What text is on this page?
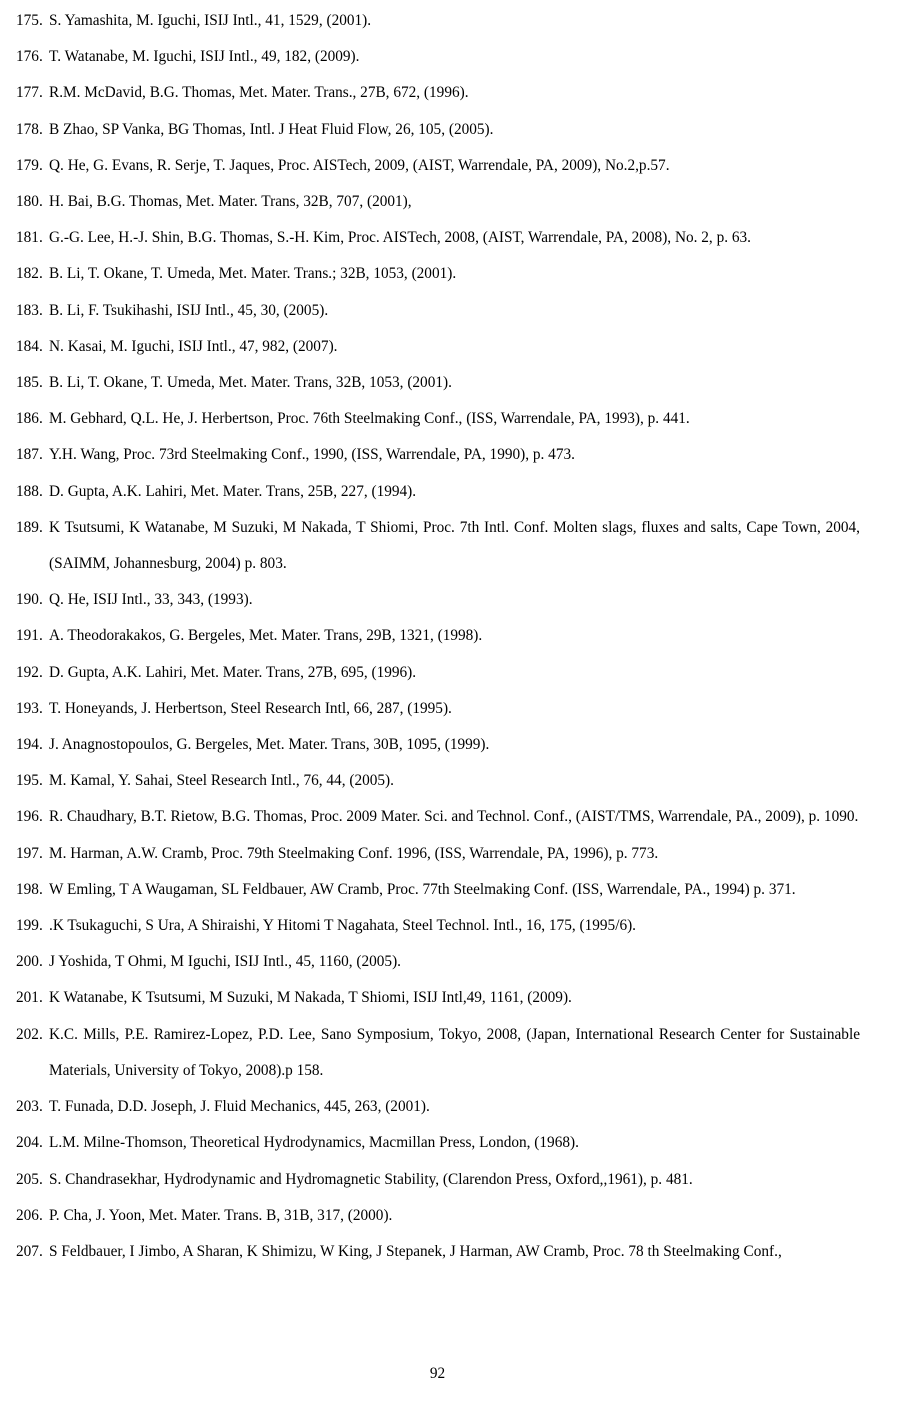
175. S. Yamashita, M. Iguchi, ISIJ Intl., 41, 1529, (2001).
176. T. Watanabe, M. Iguchi, ISIJ Intl., 49, 182, (2009).
177. R.M. McDavid, B.G. Thomas, Met. Mater. Trans., 27B, 672, (1996).
178. B Zhao, SP Vanka, BG Thomas, Intl. J Heat Fluid Flow, 26, 105, (2005).
179. Q. He, G. Evans, R. Serje, T. Jaques, Proc. AISTech, 2009, (AIST, Warrendale, PA, 2009), No.2,p.57.
180. H. Bai, B.G. Thomas, Met. Mater. Trans, 32B, 707, (2001),
181. G.-G. Lee, H.-J. Shin, B.G. Thomas, S.-H. Kim, Proc. AISTech, 2008, (AIST, Warrendale, PA, 2008), No. 2, p. 63.
182. B. Li, T. Okane, T. Umeda, Met. Mater. Trans.; 32B, 1053, (2001).
183. B. Li, F. Tsukihashi, ISIJ Intl., 45, 30, (2005).
184. N. Kasai, M. Iguchi, ISIJ Intl., 47, 982, (2007).
185. B. Li, T. Okane, T. Umeda, Met. Mater. Trans, 32B, 1053, (2001).
186. M. Gebhard, Q.L. He, J. Herbertson, Proc. 76th Steelmaking Conf., (ISS, Warrendale, PA, 1993), p. 441.
187. Y.H. Wang, Proc. 73rd Steelmaking Conf., 1990, (ISS, Warrendale, PA, 1990), p. 473.
188. D. Gupta, A.K. Lahiri, Met. Mater. Trans, 25B, 227, (1994).
189. K Tsutsumi, K Watanabe, M Suzuki, M Nakada, T Shiomi, Proc. 7th Intl. Conf. Molten slags, fluxes and salts, Cape Town, 2004, (SAIMM, Johannesburg, 2004) p. 803.
190. Q. He, ISIJ Intl., 33, 343, (1993).
191. A. Theodorakakos, G. Bergeles, Met. Mater. Trans, 29B, 1321, (1998).
192. D. Gupta, A.K. Lahiri, Met. Mater. Trans, 27B, 695, (1996).
193. T. Honeyands, J. Herbertson, Steel Research Intl, 66, 287, (1995).
194. J. Anagnostopoulos, G. Bergeles, Met. Mater. Trans, 30B, 1095, (1999).
195. M. Kamal, Y. Sahai, Steel Research Intl., 76, 44, (2005).
196. R. Chaudhary, B.T. Rietow, B.G. Thomas, Proc. 2009 Mater. Sci. and Technol. Conf., (AIST/TMS, Warrendale, PA., 2009), p. 1090.
197. M. Harman, A.W. Cramb, Proc. 79th Steelmaking Conf. 1996, (ISS, Warrendale, PA, 1996), p. 773.
198. W Emling, T A Waugaman, SL Feldbauer, AW Cramb, Proc. 77th Steelmaking Conf. (ISS, Warrendale, PA., 1994) p. 371.
199. .K Tsukaguchi, S Ura, A Shiraishi, Y Hitomi T Nagahata, Steel Technol. Intl., 16, 175, (1995/6).
200. J Yoshida, T Ohmi, M Iguchi, ISIJ Intl., 45, 1160, (2005).
201. K Watanabe, K Tsutsumi, M Suzuki, M Nakada, T Shiomi, ISIJ Intl,49, 1161, (2009).
202. K.C. Mills, P.E. Ramirez-Lopez, P.D. Lee, Sano Symposium, Tokyo, 2008, (Japan, International Research Center for Sustainable Materials, University of Tokyo, 2008).p 158.
203. T. Funada, D.D. Joseph, J. Fluid Mechanics, 445, 263, (2001).
204. L.M. Milne-Thomson, Theoretical Hydrodynamics, Macmillan Press, London, (1968).
205. S. Chandrasekhar, Hydrodynamic and Hydromagnetic Stability, (Clarendon Press, Oxford,,1961), p. 481.
206. P. Cha, J. Yoon, Met. Mater. Trans. B, 31B, 317, (2000).
207. S Feldbauer, I Jimbo, A Sharan, K Shimizu, W King, J Stepanek, J Harman, AW Cramb, Proc. 78 th Steelmaking Conf.,
92
